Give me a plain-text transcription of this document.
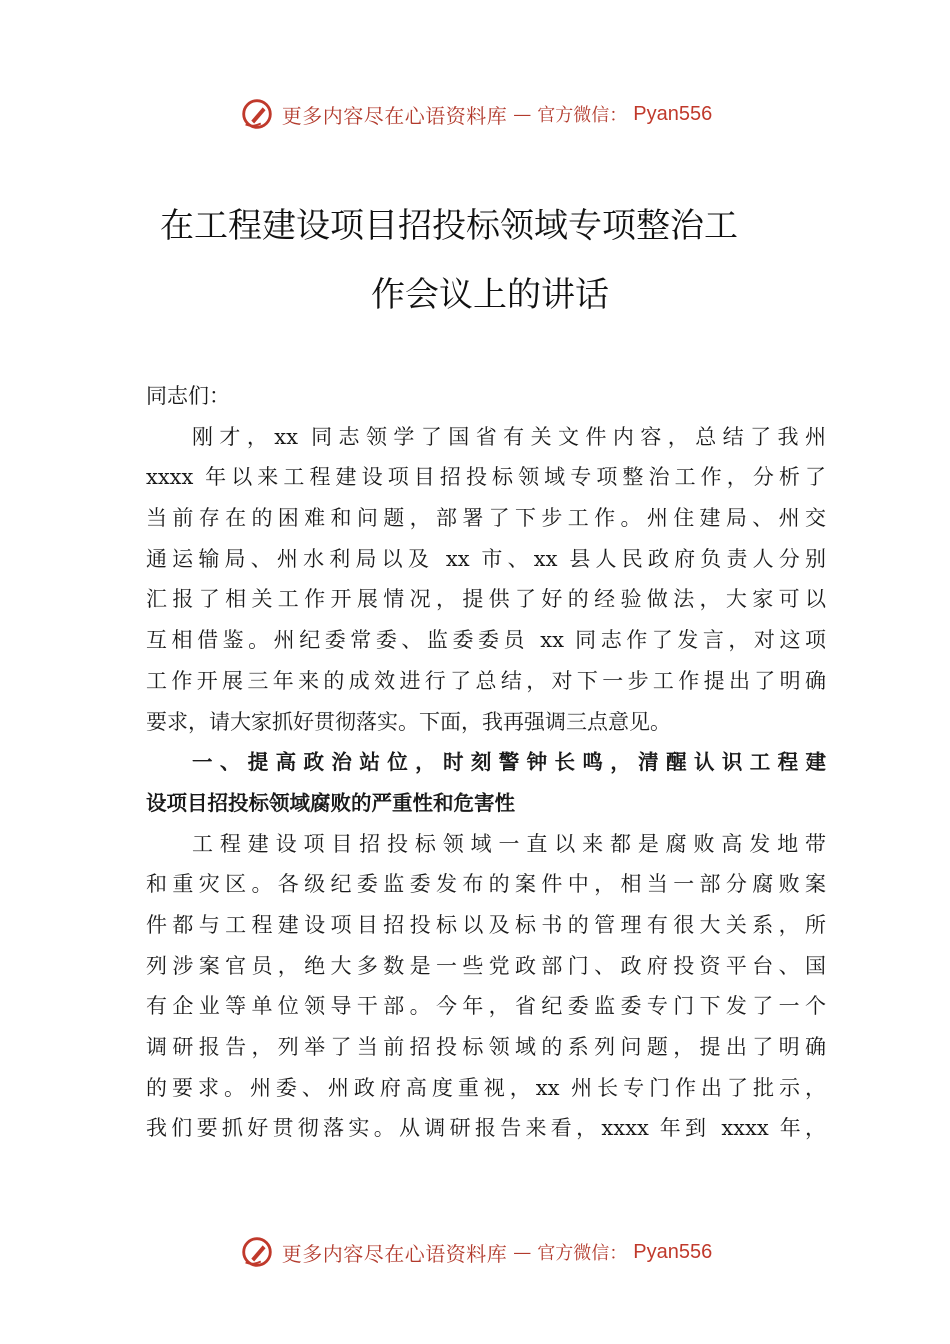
更多内容尽在心语资料库 — 官方微信： Pyan556
在工程建设项目招投标领域专项整治工
作会议上的讲话
同志们：
刚才，xx 同志领学了国省有关文件内容，总结了我州
xxxx 年以来工程建设项目招投标领域专项整治工作，分析了
当前存在的困难和问题，部署了下步工作。州住建局、州交
通运输局、州水利局以及 xx 市、xx 县人民政府负责人分别
汇报了相关工作开展情况，提供了好的经验做法，大家可以
互相借鉴。州纪委常委、监委委员 xx 同志作了发言，对这项
工作开展三年来的成效进行了总结，对下一步工作提出了明确
要求，请大家抓好贯彻落实。下面，我再强调三点意见。
一、提高政治站位，时刻警钟长鸣，清醒认识工程建
设项目招投标领域腐败的严重性和危害性
工程建设项目招投标领域一直以来都是腐败高发地带
和重灾区。各级纪委监委发布的案件中，相当一部分腐败案
件都与工程建设项目招投标以及标书的管理有很大关系，所
列涉案官员，绝大多数是一些党政部门、政府投资平台、国
有企业等单位领导干部。今年，省纪委监委专门下发了一个
调研报告，列举了当前招投标领域的系列问题，提出了明确
的要求。州委、州政府高度重视，xx 州长专门作出了批示，
我们要抓好贯彻落实。从调研报告来看，xxxx 年到 xxxx 年，
更多内容尽在心语资料库 — 官方微信： Pyan556
